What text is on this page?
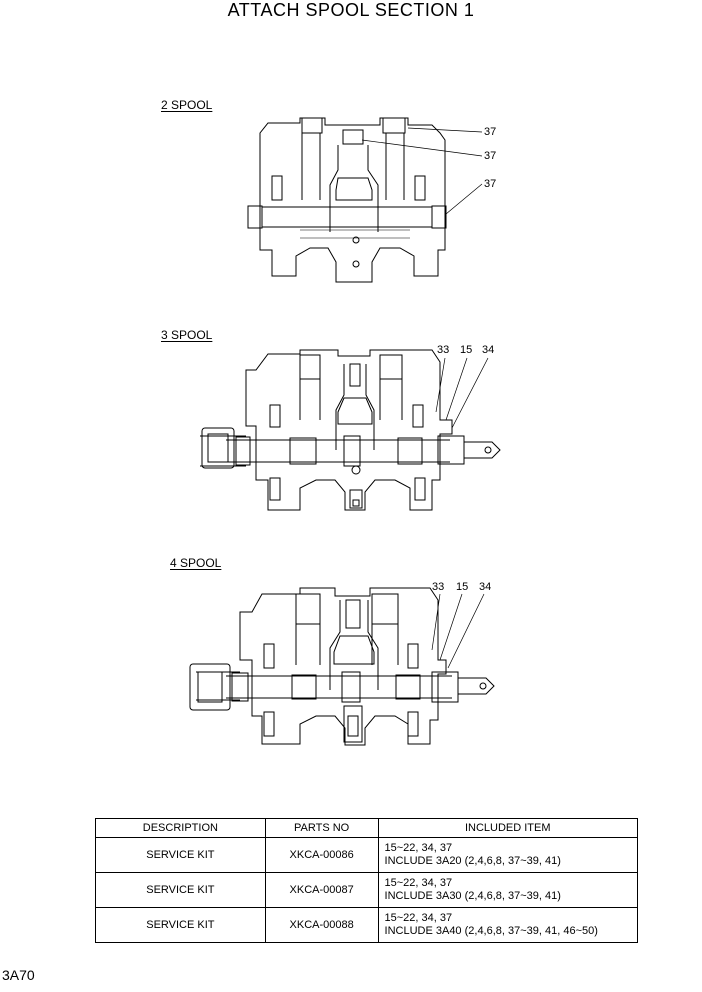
ATTACH SPOOL SECTION 1
2 SPOOL
3 SPOOL
4 SPOOL
37
37
37
33 15 34
33 15 34
DESCRIPTION	PARTS NO	INCLUDED ITEM
SERVICE KIT	XKCA-00086	15~22, 34, 37
INCLUDE 3A20 (2,4,6,8, 37~39, 41)

SERVICE KIT	XKCA-00087	15~22, 34, 37
INCLUDE 3A30 (2,4,6,8, 37~39, 41)

SERVICE KIT	XKCA-00088	15~22, 34, 37
INCLUDE 3A40 (2,4,6,8, 37~39, 41, 46~50)
3A70
